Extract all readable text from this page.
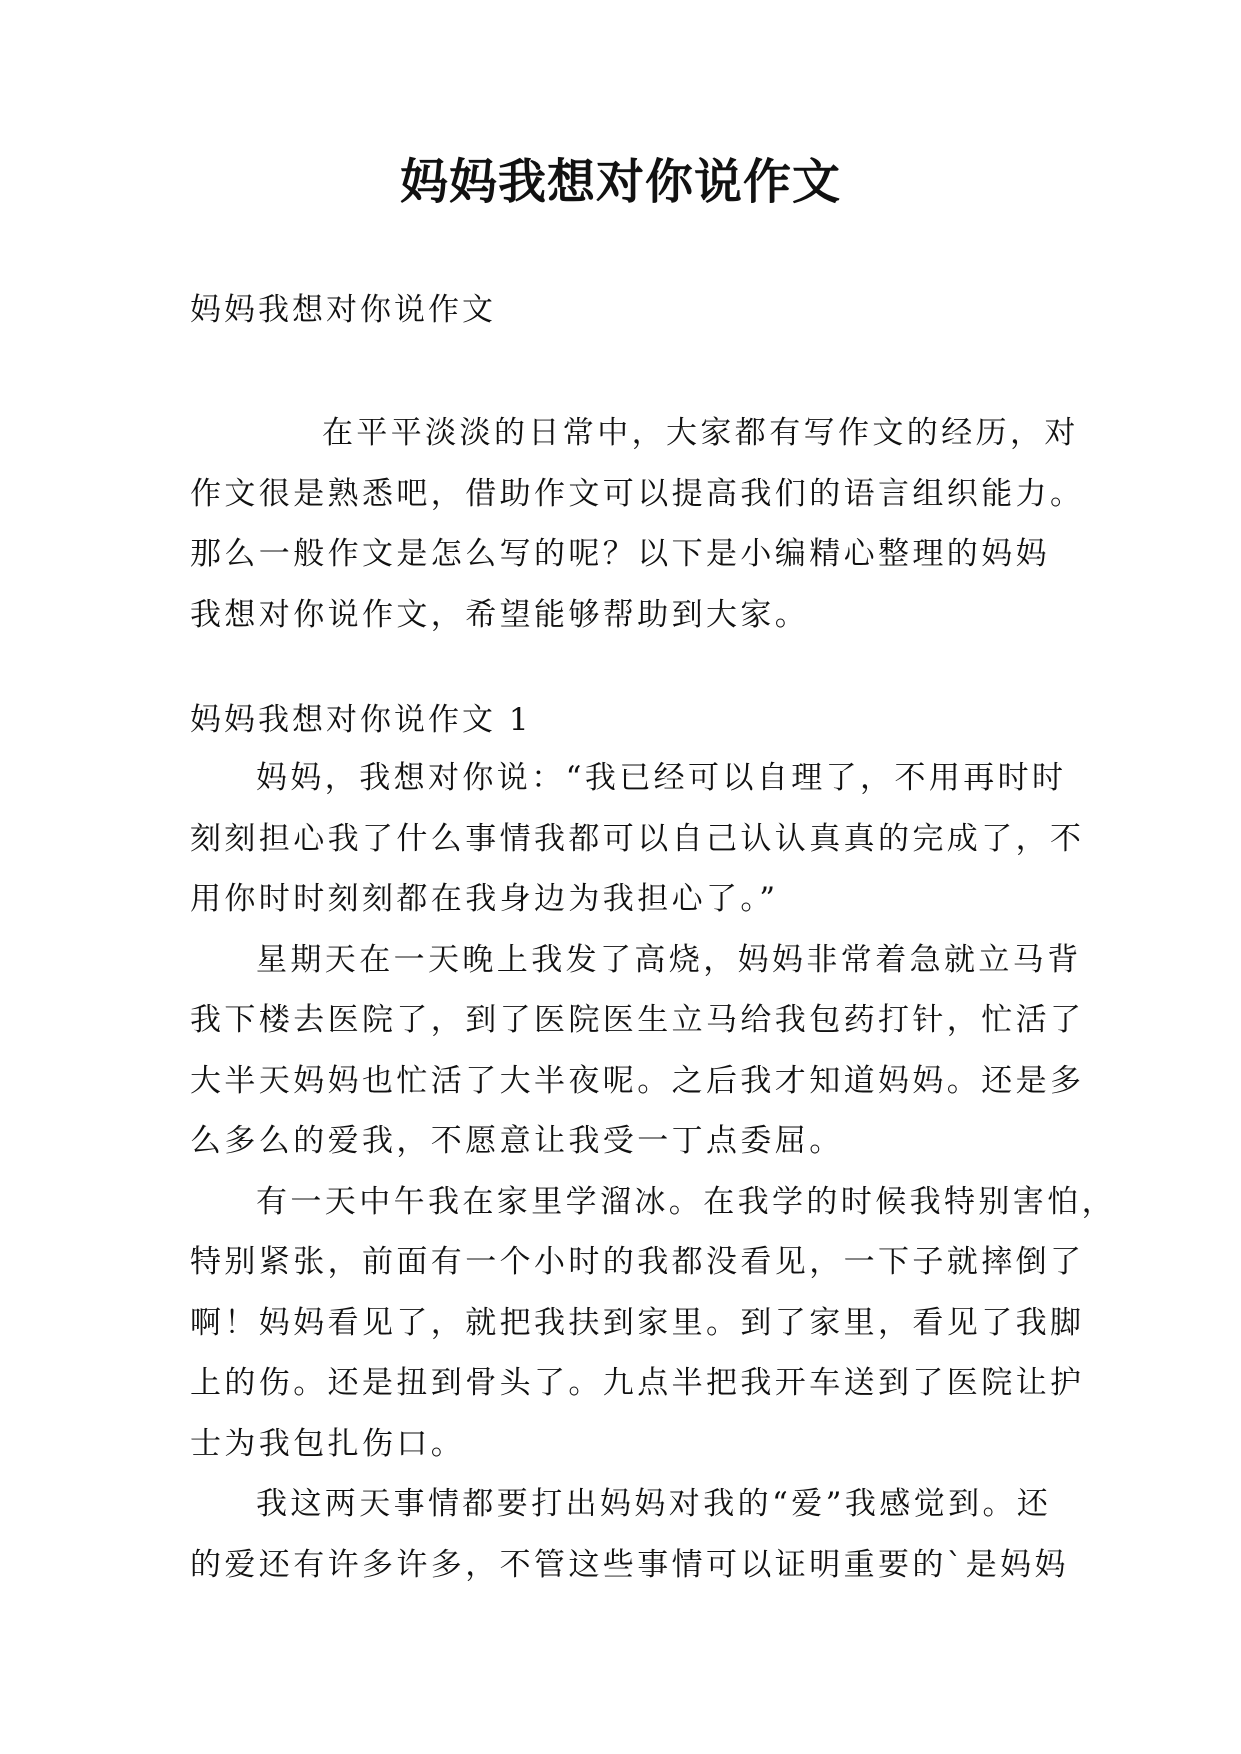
妈妈我想对你说作文
妈妈我想对你说作文
在平平淡淡的日常中，大家都有写作文的经历，对
作文很是熟悉吧，借助作文可以提高我们的语言组织能力。
那么一般作文是怎么写的呢？以下是小编精心整理的妈妈
我想对你说作文，希望能够帮助到大家。
妈妈我想对你说作文 1
妈妈，我想对你说：“我已经可以自理了，不用再时时
刻刻担心我了什么事情我都可以自己认认真真的完成了，不
用你时时刻刻都在我身边为我担心了。”
星期天在一天晚上我发了高烧，妈妈非常着急就立马背
我下楼去医院了，到了医院医生立马给我包药打针，忙活了
大半天妈妈也忙活了大半夜呢。之后我才知道妈妈。还是多
么多么的爱我，不愿意让我受一丁点委屈。
有一天中午我在家里学溜冰。在我学的时候我特别害怕，
特别紧张，前面有一个小时的我都没看见，一下子就摔倒了
啊！妈妈看见了，就把我扶到家里。到了家里，看见了我脚
上的伤。还是扭到骨头了。九点半把我开车送到了医院让护
士为我包扎伤口。
我这两天事情都要打出妈妈对我的“爱”我感觉到。还
的爱还有许多许多，不管这些事情可以证明重要的`是妈妈
